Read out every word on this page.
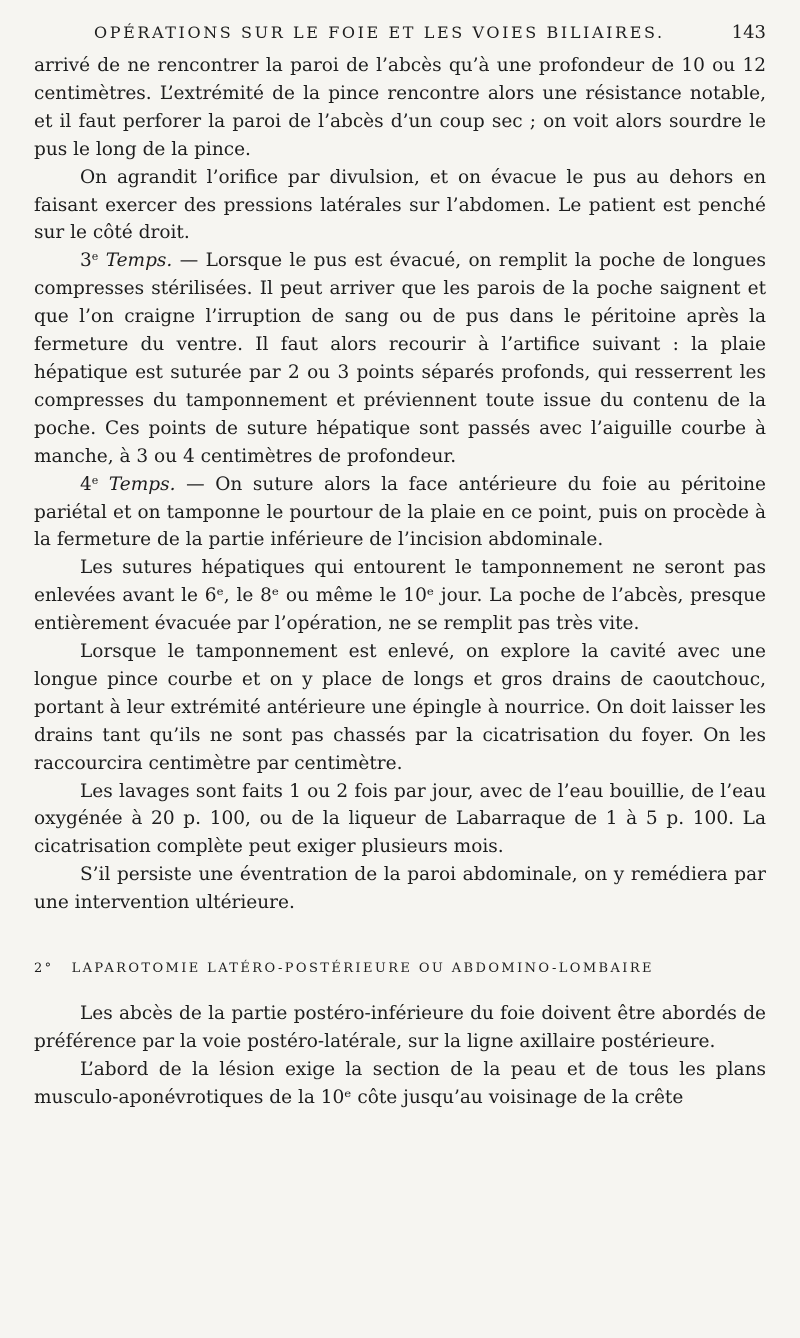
OPÉRATIONS SUR LE FOIE ET LES VOIES BILIAIRES.	143

arrivé de ne rencontrer la paroi de l’abcès qu’à une profondeur de 10 ou 12 centimètres. L’extrémité de la pince rencontre alors une résistance notable, et il faut perforer la paroi de l’abcès d’un coup sec ; on voit alors sourdre le pus le long de la pince.

On agrandit l’orifice par divulsion, et on évacue le pus au dehors en faisant exercer des pressions latérales sur l’abdomen. Le patient est penché sur le côté droit.

3e Temps. — Lorsque le pus est évacué, on remplit la poche de longues compresses stérilisées. Il peut arriver que les parois de la poche saignent et que l’on craigne l’irruption de sang ou de pus dans le péritoine après la fermeture du ventre. Il faut alors recourir à l’artifice suivant : la plaie hépatique est suturée par 2 ou 3 points séparés profonds, qui resserrent les compresses du tamponnement et préviennent toute issue du contenu de la poche. Ces points de suture hépatique sont passés avec l’aiguille courbe à manche, à 3 ou 4 centimètres de profondeur.

4e Temps. — On suture alors la face antérieure du foie au péritoine pariétal et on tamponne le pourtour de la plaie en ce point, puis on procède à la fermeture de la partie inférieure de l’incision abdominale.

Les sutures hépatiques qui entourent le tamponnement ne seront pas enlevées avant le 6ᵉ, le 8ᵉ ou même le 10ᵉ jour. La poche de l’abcès, presque entièrement évacuée par l’opération, ne se remplit pas très vite.

Lorsque le tamponnement est enlevé, on explore la cavité avec une longue pince courbe et on y place de longs et gros drains de caoutchouc, portant à leur extrémité antérieure une épingle à nourrice. On doit laisser les drains tant qu’ils ne sont pas chassés par la cicatrisation du foyer. On les raccourcira centimètre par centimètre.

Les lavages sont faits 1 ou 2 fois par jour, avec de l’eau bouillie, de l’eau oxygénée à 20 p. 100, ou de la liqueur de Labarraque de 1 à 5 p. 100. La cicatrisation complète peut exiger plusieurs mois.

S’il persiste une éventration de la paroi abdominale, on y remédiera par une intervention ultérieure.

2° LAPAROTOMIE LATÉRO-POSTÉRIEURE OU ABDOMINO-LOMBAIRE

Les abcès de la partie postéro-inférieure du foie doivent être abordés de préférence par la voie postéro-latérale, sur la ligne axillaire postérieure.

L’abord de la lésion exige la section de la peau et de tous les plans musculo-aponévrotiques de la 10ᵉ côte jusqu’au voisinage de la crête
